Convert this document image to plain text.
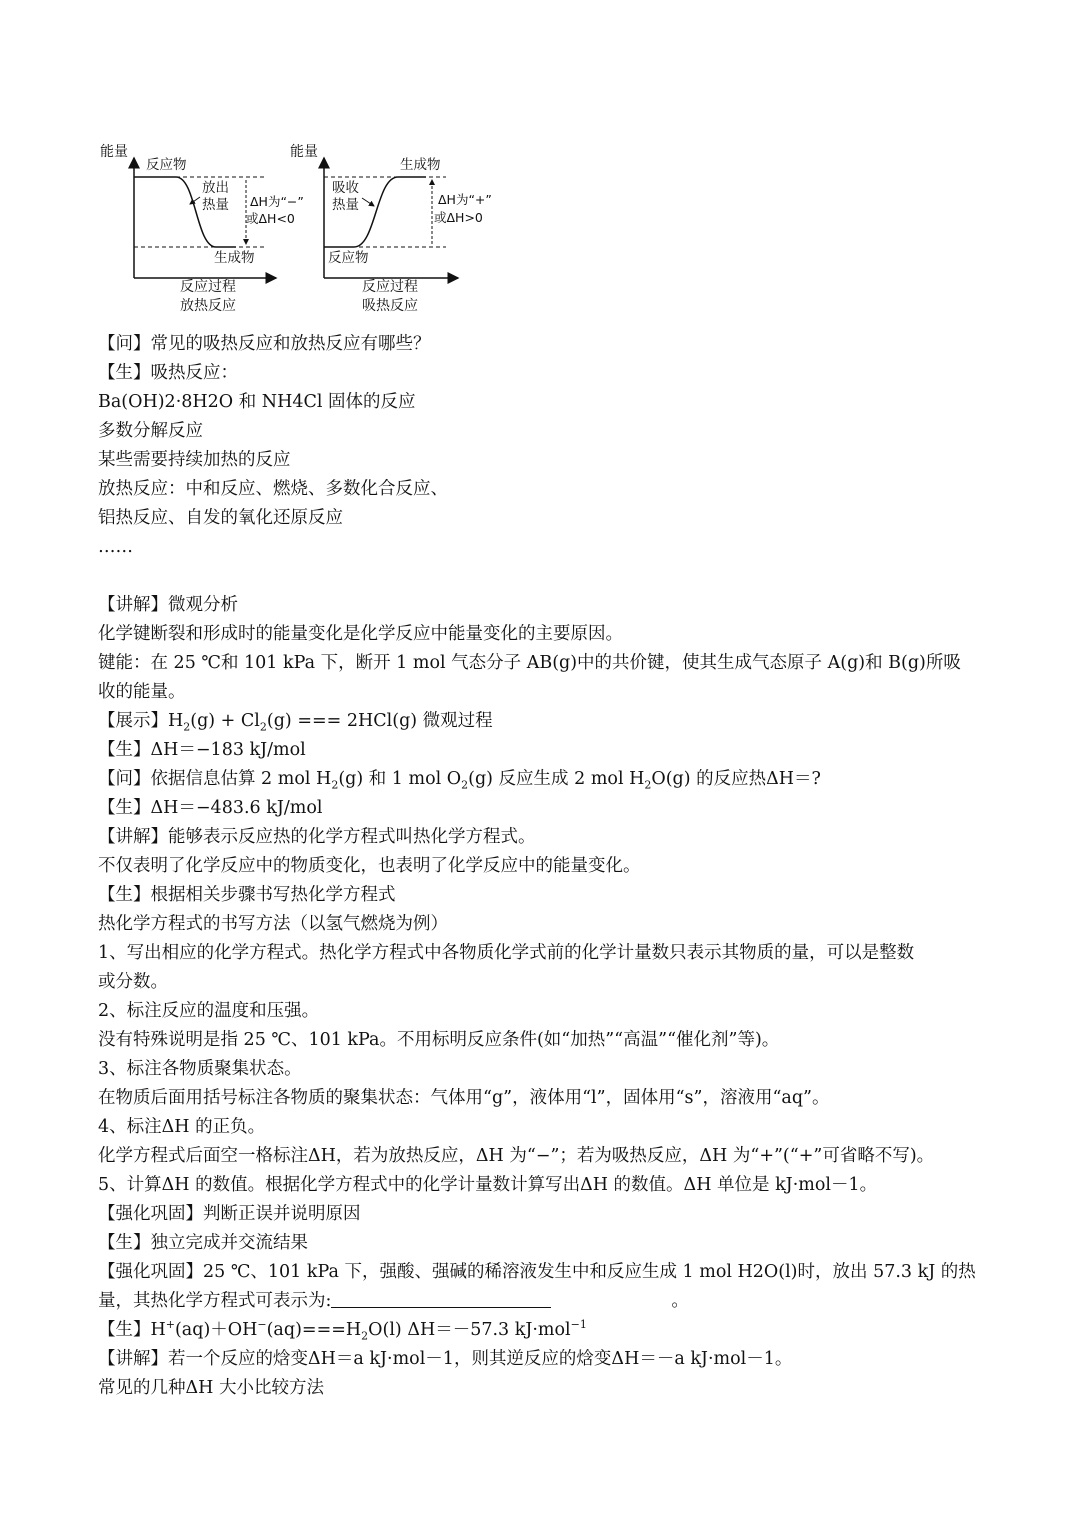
能量
反应物
生成物
放出
热量 ΔH为“−”
或ΔH<0
反应过程
放热反应
能量
反应物
生成物
吸收
热量	ΔH为“+”
或ΔH>0
反应过程
吸热反应
【问】常见的吸热反应和放热反应有哪些？
【生】吸热反应：
Ba(OH)2·8H2O 和 NH4Cl 固体的反应
多数分解反应
某些需要持续加热的反应
放热反应：中和反应、燃烧、多数化合反应、
铝热反应、自发的氧化还原反应
……
【讲解】微观分析
化学键断裂和形成时的能量变化是化学反应中能量变化的主要原因。
键能：在 25 ℃和 101 kPa 下，断开 1 mol 气态分子 AB(g)中的共价键，使其生成气态原子 A(g)和 B(g)所吸
收的能量。
【展示】$H_2(g) + Cl_2(g)$ === 2HCl(g) 微观过程
【生】ΔH＝−183 kJ/mol
【问】依据信息估算 2 mol $H_2(g)$ 和 1 mol $O_2(g)$ 反应生成 2 mol $H_2O(g)$ 的反应热ΔH＝?
【生】ΔH＝−483.6 kJ/mol
【讲解】能够表示反应热的化学方程式叫热化学方程式。
不仅表明了化学反应中的物质变化，也表明了化学反应中的能量变化。
【生】根据相关步骤书写热化学方程式
热化学方程式的书写方法（以氢气燃烧为例）
1、写出相应的化学方程式。热化学方程式中各物质化学式前的化学计量数只表示其物质的量，可以是整数
或分数。
2、标注反应的温度和压强。
没有特殊说明是指 25 ℃、101 kPa。不用标明反应条件(如“加热”“高温”“催化剂”等)。
3、标注各物质聚集状态。
在物质后面用括号标注各物质的聚集状态：气体用“g”，液体用“l”，固体用“s”，溶液用“aq”。
4、标注ΔH 的正负。
化学方程式后面空一格标注ΔH，若为放热反应，ΔH 为“−”；若为吸热反应，ΔH 为“+”(“+”可省略不写)。
5、计算ΔH 的数值。根据化学方程式中的化学计量数计算写出ΔH 的数值。ΔH 单位是 kJ·mol－1。
【强化巩固】判断正误并说明原因
【生】独立完成并交流结果
【强化巩固】25 ℃、101 kPa 下，强酸、强碱的稀溶液发生中和反应生成 1 mol H2O(l)时，放出 57.3 kJ 的热
量，其热化学方程式可表示为:	。
【生】$H^+(aq)+OH^-(aq)===H_2O(l)$ ΔH＝－57.3 kJ·mol$^{-1}$
【讲解】若一个反应的焓变ΔH＝a kJ·mol－1，则其逆反应的焓变ΔH＝－a kJ·mol－1。
常见的几种ΔH 大小比较方法
